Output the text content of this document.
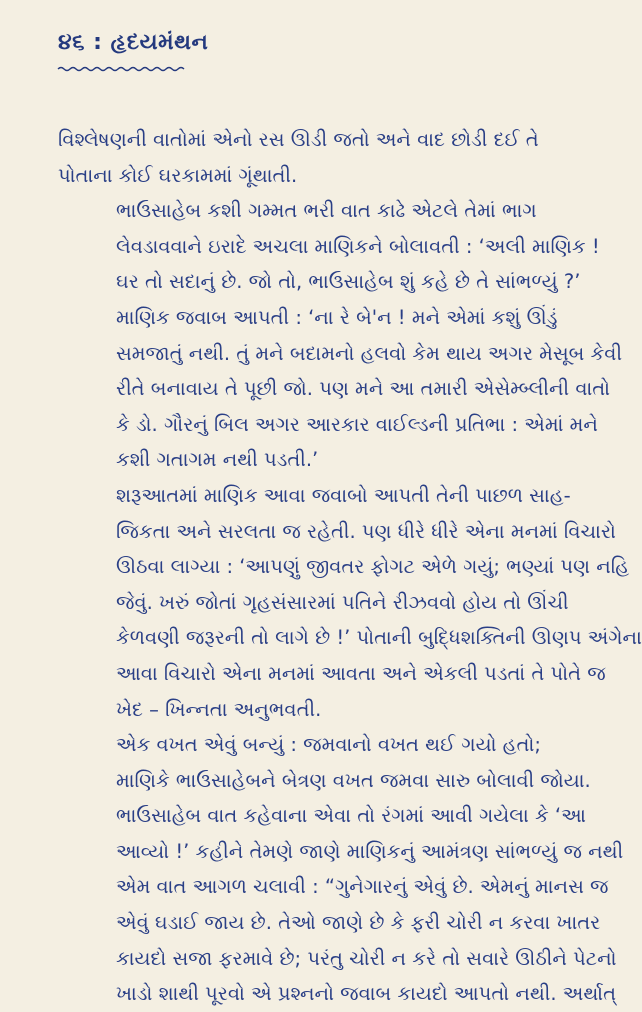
૪૬ : હૃદયમંથન

વિશ્લેષણની વાતોમાં એનો રસ ઊડી જતો અને વાદ છોડી દઈ તે
પોતાના કોઈ ઘરકામમાં ગૂંથાતી.

ભાઉસાહેબ કશી ગમ્મત ભરી વાત કાઢે એટલે તેમાં ભાગ
લેવડાવવાને ઇરાદે અચલા માણિકને બોલાવતી : ‘અલી માણિક !
ઘર તો સદાનું છે. જો તો, ભાઉસાહેબ શું કહે છે તે સાંભળ્યું ?’

માણિક જવાબ આપતી : ‘ના રે બે'ન ! મને એમાં કશું ઊંડું
સમજાતું નથી. તું મને બદામનો હલવો કેમ થાય અગર મેસૂબ કેવી
રીતે બનાવાય તે પૂછી જો. પણ મને આ તમારી એસેમ્બ્લીની વાતો
કે ડો. ગૌરનું બિલ અગર આરકાર વાઈલ્ડની પ્રતિભા : એમાં મને
કશી ગતાગમ નથી પડતી.’

શરૂઆતમાં માણિક આવા જવાબો આપતી તેની પાછળ સાહ-
જિકતા અને સરલતા જ રહેતી. પણ ધીરે ધીરે એના મનમાં વિચારો
ઊઠવા લાગ્યા : ‘આપણું જીવતર ફોગટ એળે ગયું; ભણ્યાં પણ નહિ
જેવું. ખરું જોતાં ગૃહસંસારમાં પતિને રીઝવવો હોય તો ઊંચી
કેળવણી જરૂરની તો લાગે છે !’ પોતાની બુદ્ધિશક્તિની ઊણપ અંગેના
આવા વિચારો એના મનમાં આવતા અને એકલી પડતાં તે પોતે જ
ખેદ – ખિન્નતા અનુભવતી.

એક વખત એવું બન્યું : જમવાનો વખત થઈ ગયો હતો;
માણિકે ભાઉસાહેબને બેત્રણ વખત જમવા સારુ બોલાવી જોયા.
ભાઉસાહેબ વાત કહેવાના એવા તો રંગમાં આવી ગયેલા કે ‘આ
આવ્યો !’ કહીને તેમણે જાણે માણિકનું આમંત્રણ સાંભળ્યું જ નથી
એમ વાત આગળ ચલાવી : “ગુનેગારનું એવું છે. એમનું માનસ જ
એવું ઘડાઈ જાય છે. તેઓ જાણે છે કે ફરી ચોરી ન કરવા ખાતર
કાયદો સજા ફરમાવે છે; પરંતુ ચોરી ન કરે તો સવારે ઊઠીને પેટનો
ખાડો શાથી પૂરવો એ પ્રશ્નનો જવાબ કાયદો આપતો નથી. અર્થાત્
